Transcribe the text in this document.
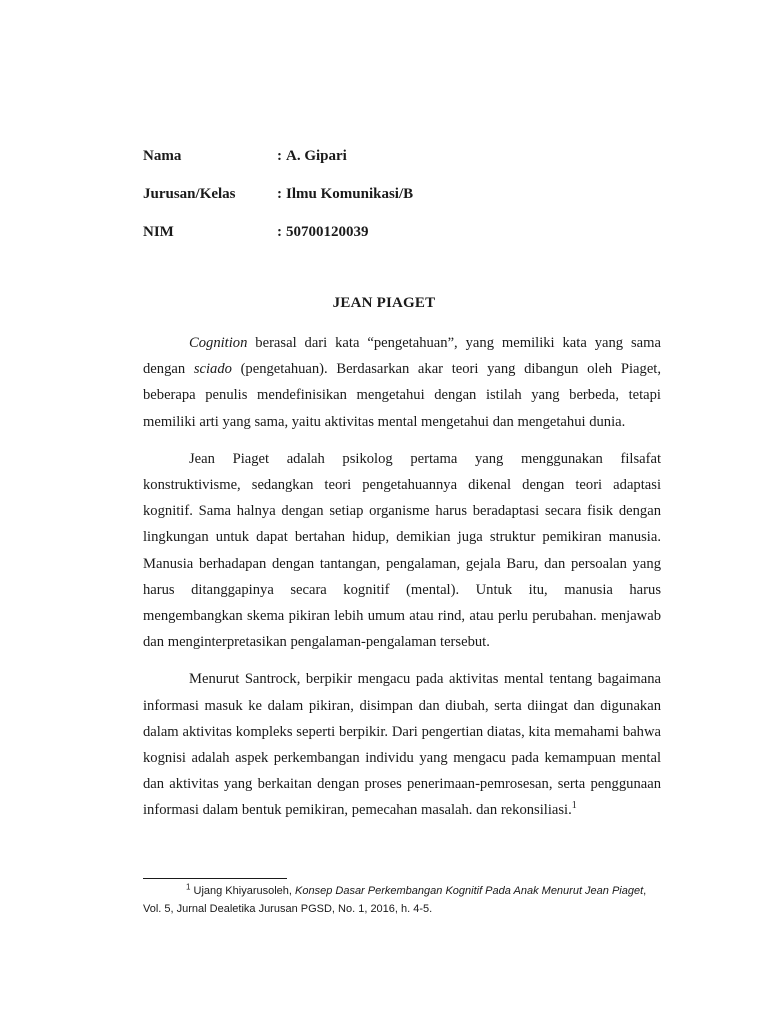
Nama	: A. Gipari
Jurusan/Kelas	: Ilmu Komunikasi/B
NIM	: 50700120039
JEAN PIAGET

Cognition berasal dari kata “pengetahuan”, yang memiliki kata yang sama dengan sciado (pengetahuan). Berdasarkan akar teori yang dibangun oleh Piaget, beberapa penulis mendefinisikan mengetahui dengan istilah yang berbeda, tetapi memiliki arti yang sama, yaitu aktivitas mental mengetahui dan mengetahui dunia.

Jean Piaget adalah psikolog pertama yang menggunakan filsafat konstruktivisme, sedangkan teori pengetahuannya dikenal dengan teori adaptasi kognitif. Sama halnya dengan setiap organisme harus beradaptasi secara fisik dengan lingkungan untuk dapat bertahan hidup, demikian juga struktur pemikiran manusia. Manusia berhadapan dengan tantangan, pengalaman, gejala Baru, dan persoalan yang harus ditanggapinya secara kognitif (mental). Untuk itu, manusia harus mengembangkan skema pikiran lebih umum atau rind, atau perlu perubahan. menjawab dan menginterpretasikan pengalaman-pengalaman tersebut.

Menurut Santrock, berpikir mengacu pada aktivitas mental tentang bagaimana informasi masuk ke dalam pikiran, disimpan dan diubah, serta diingat dan digunakan dalam aktivitas kompleks seperti berpikir. Dari pengertian diatas, kita memahami bahwa kognisi adalah aspek perkembangan individu yang mengacu pada kemampuan mental dan aktivitas yang berkaitan dengan proses penerimaan-pemrosesan, serta penggunaan informasi dalam bentuk pemikiran, pemecahan masalah. dan rekonsiliasi.$^1$

$^1$ Ujang Khiyarusoleh, Konsep Dasar Perkembangan Kognitif Pada Anak Menurut Jean Piaget, Vol. 5, Jurnal Dealetika Jurusan PGSD, No. 1, 2016, h. 4-5.
